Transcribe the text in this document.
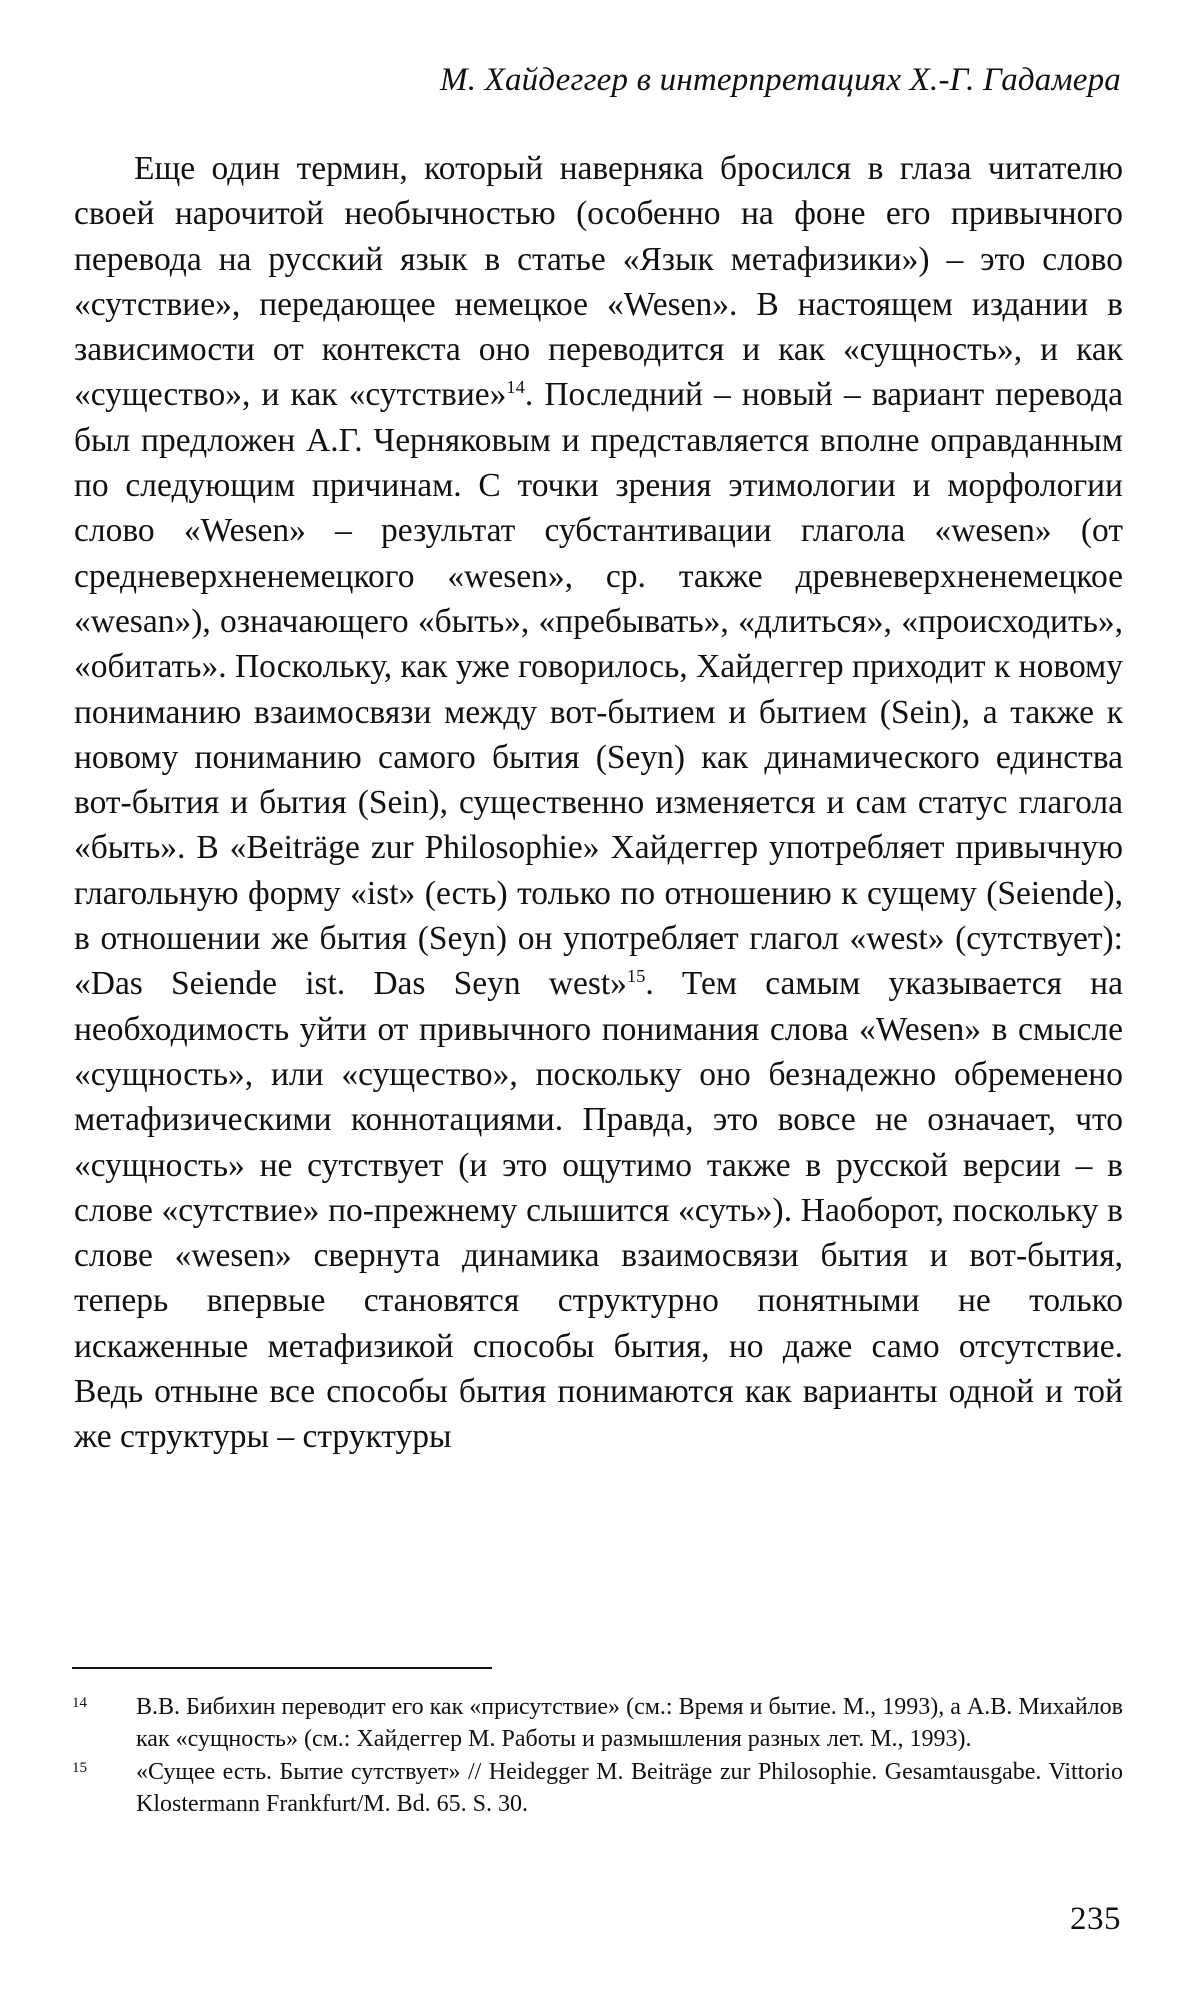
М. Хайдеггер в интерпретациях Х.-Г. Гадамера

Еще один термин, который наверняка бросился в глаза читателю своей нарочитой необычностью (особенно на фоне его привычного перевода на русский язык в статье «Язык метафизики») – это слово «сутствие», передающее немецкое «Wesen». В настоящем издании в зависимости от контекста оно переводится и как «сущность», и как «существо», и как «сутствие»$^{14}$. Последний – новый – вариант перевода был предложен А.Г. Черняковым и представляется вполне оправданным по следующим причинам. С точки зрения этимологии и морфологии слово «Wesen» – результат субстантивации глагола «wesen» (от средневерхненемецкого «wesen», ср. также древневерхненемецкое «wesan»), означающего «быть», «пребывать», «длиться», «происходить», «обитать». Поскольку, как уже говорилось, Хайдеггер приходит к новому пониманию взаимосвязи между вот-бытием и бытием (Sein), а также к новому пониманию самого бытия (Seyn) как динамического единства вот-бытия и бытия (Sein), существенно изменяется и сам статус глагола «быть». В «Beiträge zur Philosophie» Хайдеггер употребляет привычную глагольную форму «ist» (есть) только по отношению к сущему (Seiende), в отношении же бытия (Seyn) он употребляет глагол «west» (сутствует): «Das Seiende ist. Das Seyn west»$^{15}$. Тем самым указывается на необходимость уйти от привычного понимания слова «Wesen» в смысле «сущность», или «существо», поскольку оно безнадежно обременено метафизическими коннотациями. Правда, это вовсе не означает, что «сущность» не сутствует (и это ощутимо также в русской версии – в слове «сутствие» по-прежнему слышится «суть»). Наоборот, поскольку в слове «wesen» свернута динамика взаимосвязи бытия и вот-бытия, теперь впервые становятся структурно понятными не только искаженные метафизикой способы бытия, но даже само отсутствие. Ведь отныне все способы бытия понимаются как варианты одной и той же структуры – структуры

14 В.В. Бибихин переводит его как «присутствие» (см.: Время и бытие. М., 1993), а А.В. Михайлов как «сущность» (см.: Хайдеггер М. Работы и размышления разных лет. М., 1993).

15 «Сущее есть. Бытие сутствует» // Heidegger M. Beiträge zur Philosophie. Gesamtausgabe. Vittorio Klostermann Frankfurt/M. Bd. 65. S. 30.

235
